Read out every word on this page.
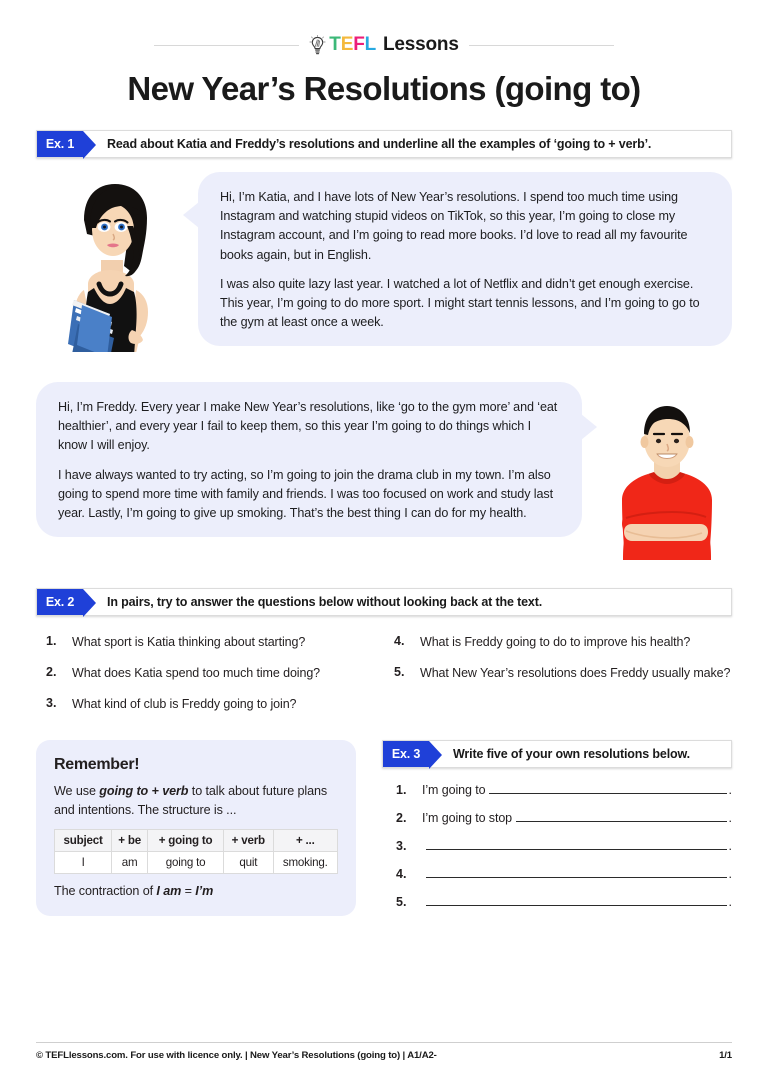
TEFL Lessons
New Year’s Resolutions (going to)
Ex. 1	Read about Katia and Freddy’s resolutions and underline all the examples of ‘going to + verb’.

Hi, I’m Katia, and I have lots of New Year’s resolutions. I spend too much time using Instagram and watching stupid videos on TikTok, so this year, I’m going to close my Instagram account, and I’m going to read more books. I’d love to read all my favourite books again, but in English.

I was also quite lazy last year. I watched a lot of Netflix and didn’t get enough exercise. This year, I’m going to do more sport. I might start tennis lessons, and I’m going to go to the gym at least once a week.

Hi, I’m Freddy. Every year I make New Year’s resolutions, like ‘go to the gym more’ and ‘eat healthier’, and every year I fail to keep them, so this year I’m going to do things which I know I will enjoy.

I have always wanted to try acting, so I’m going to join the drama club in my town. I’m also going to spend more time with family and friends. I was too focused on work and study last year. Lastly, I’m going to give up smoking. That’s the best thing I can do for my health.

Ex. 2	In pairs, try to answer the questions below without looking back at the text.
1.	What sport is Katia thinking about starting?
2.	What does Katia spend too much time doing?
3.	What kind of club is Freddy going to join?
4.	What is Freddy going to do to improve his health?
5.	What New Year’s resolutions does Freddy usually make?
Remember!
We use going to + verb to talk about future plans and intentions. The structure is ...
subject	+ be	+ going to	+ verb	+ ...
I	am	going to	quit	smoking.
The contraction of I am = I’m
Ex. 3	Write five of your own resolutions below.
1.	I’m going to	.
2.	I’m going to stop	.
3.	.
4.	.
5.	.
© TEFLlessons.com. For use with licence only. | New Year’s Resolutions (going to) | A1/A2-	1/1
